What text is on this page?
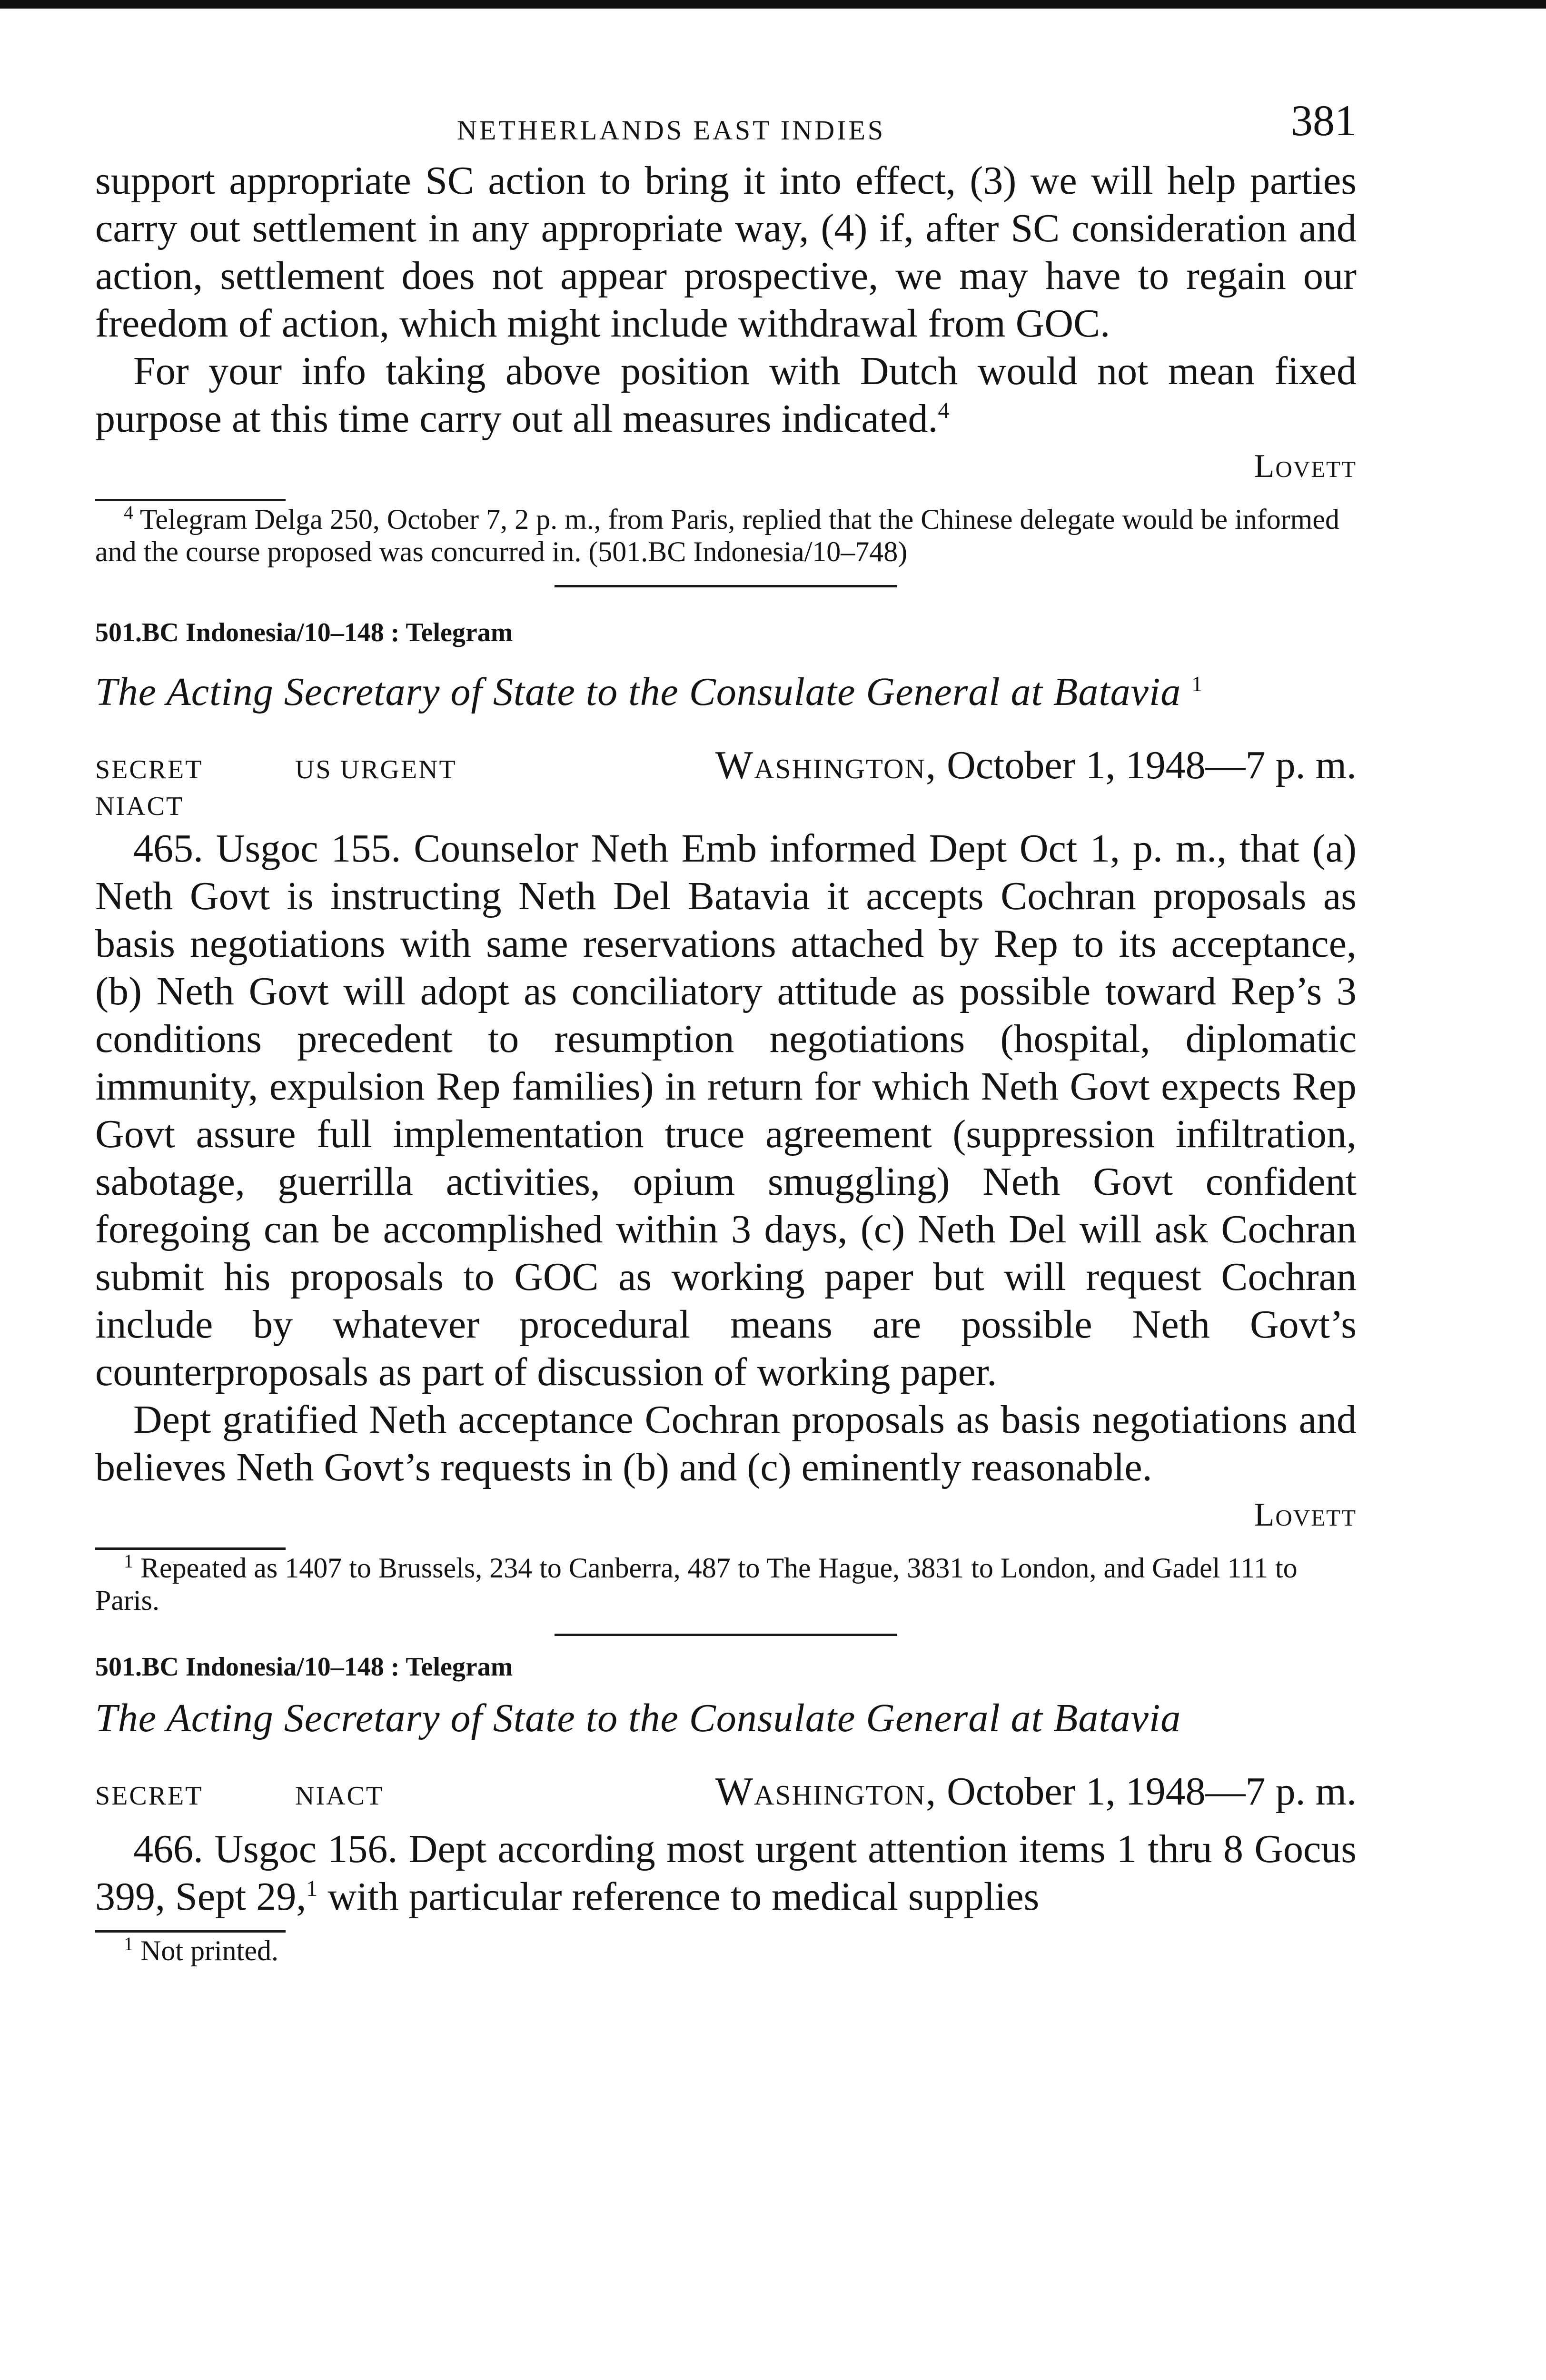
NETHERLANDS EAST INDIES	381

support appropriate SC action to bring it into effect, (3) we will help parties carry out settlement in any appropriate way, (4) if, after SC consideration and action, settlement does not appear prospective, we may have to regain our freedom of action, which might include withdrawal from GOC.

For your info taking above position with Dutch would not mean fixed purpose at this time carry out all measures indicated.$^4$

Lovett

$^4$ Telegram Delga 250, October 7, 2 p. m., from Paris, replied that the Chinese delegate would be informed and the course proposed was concurred in. (501.BC Indonesia/10–748)

501.BC Indonesia/10–148 : Telegram
The Acting Secretary of State to the Consulate General at Batavia $^1$
SECRET	US URGENT	Washington, October 1, 1948—7 p. m.
NIACT

465. Usgoc 155. Counselor Neth Emb informed Dept Oct 1, p. m., that (a) Neth Govt is instructing Neth Del Batavia it accepts Cochran proposals as basis negotiations with same reservations attached by Rep to its acceptance, (b) Neth Govt will adopt as conciliatory attitude as possible toward Rep’s 3 conditions precedent to resumption negotiations (hospital, diplomatic immunity, expulsion Rep families) in return for which Neth Govt expects Rep Govt assure full implementation truce agreement (suppression infiltration, sabotage, guerrilla activities, opium smuggling) Neth Govt confident foregoing can be accomplished within 3 days, (c) Neth Del will ask Cochran submit his proposals to GOC as working paper but will request Cochran include by whatever procedural means are possible Neth Govt’s counterproposals as part of discussion of working paper.

Dept gratified Neth acceptance Cochran proposals as basis negotiations and believes Neth Govt’s requests in (b) and (c) eminently reasonable.

Lovett

$^1$ Repeated as 1407 to Brussels, 234 to Canberra, 487 to The Hague, 3831 to London, and Gadel 111 to Paris.

501.BC Indonesia/10–148 : Telegram
The Acting Secretary of State to the Consulate General at Batavia
SECRET	NIACT	Washington, October 1, 1948—7 p. m.

466. Usgoc 156. Dept according most urgent attention items 1 thru 8 Gocus 399, Sept 29,$^1$ with particular reference to medical supplies

$^1$ Not printed.
